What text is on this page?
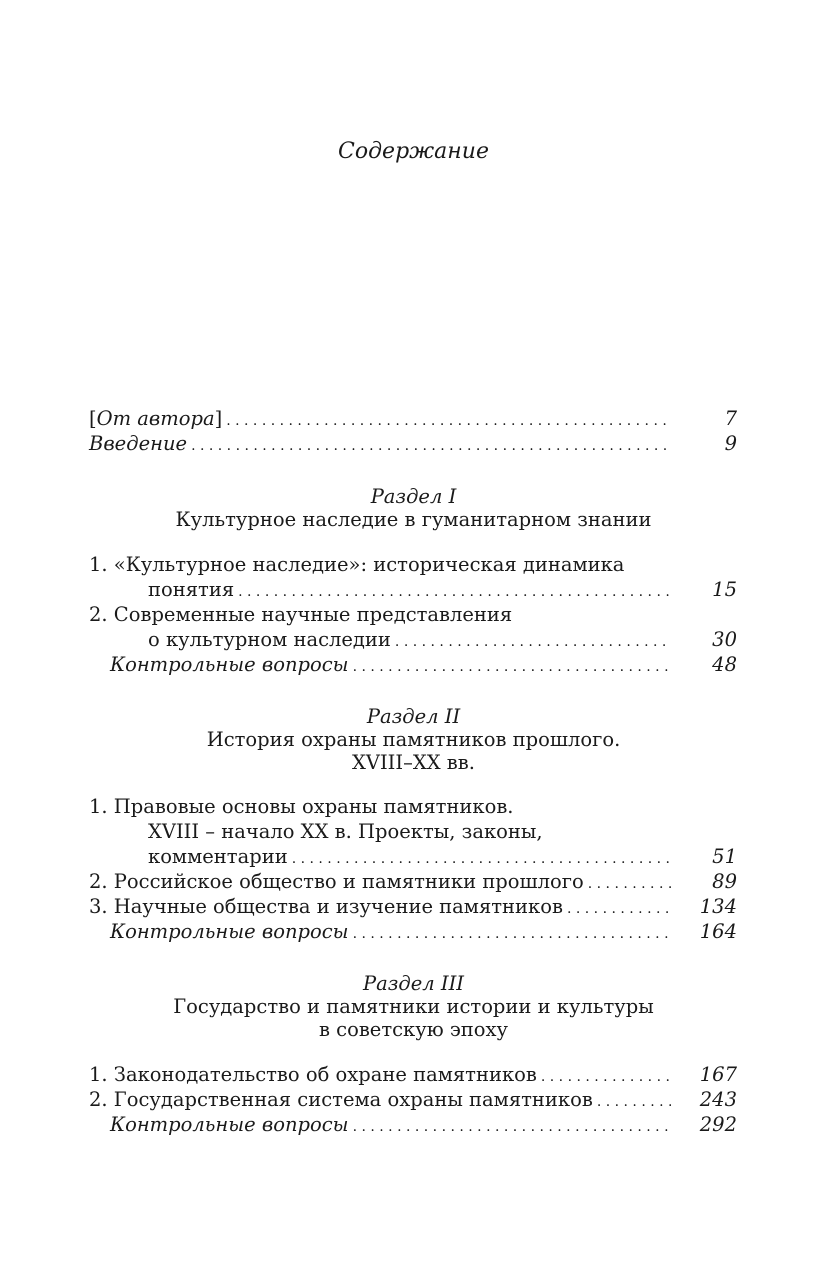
Содержание
[От автора] . . .	7
Введение . . .	9
Раздел I
Культурное наследие в гуманитарном знании
1. «Культурное наследие»: историческая динамика
понятия . . .	15
2. Современные научные представления
о культурном наследии . . .	30
Контрольные вопросы . . .	48
Раздел II
История охраны памятников прошлого.
XVIII–XX вв.
1. Правовые основы охраны памятников.
XVIII – начало XX в. Проекты, законы,
комментарии . . .	51
2. Российское общество и памятники прошлого . . .	89
3. Научные общества и изучение памятников . . .	134
Контрольные вопросы . . .	164
Раздел III
Государство и памятники истории и культуры
в советскую эпоху
1. Законодательство об охране памятников . . .	167
2. Государственная система охраны памятников . . .	243
Контрольные вопросы . . .	292
